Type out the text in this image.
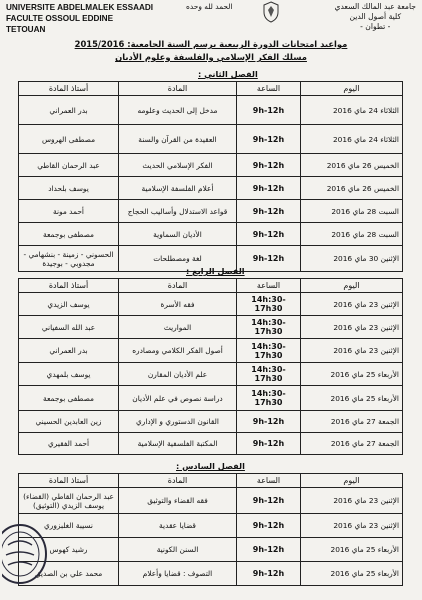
UNIVERSITE ABDELMALEK ESSAADI
FACULTE OSSOUL EDDINE
TETOUAN
الحمد لله وحده	جامعة عبد المالك السعدي
كلية أصول الدين
- تطوان -
مواعيد امتحانات الدورة الربيعية برسم السنة الجامعية: 2015/2016
مسلك الفكر الإسلامي والفلسفة وعلوم الأديان
الفصل الثاني :
اليوم	الساعة	المادة	أستاذ المادة
الثلاثاء 24 ماي 2016	9h-12h	مدخل إلى الحديث وعلومه	بدر العمراني
الثلاثاء 24 ماي 2016	9h-12h	العقيدة من القرآن والسنة	مصطفى الهروس
الخميس 26 ماي 2016	9h-12h	الفكر الإسلامي الحديث	عبد الرحمان القاطي
الخميس 26 ماي 2016	9h-12h	أعلام الفلسفة الإسلامية	يوسف بلحداد
السبت 28 ماي 2016	9h-12h	قواعد الاستدلال وأساليب الحجاج	أحمد مونة
السبت 28 ماي 2016	9h-12h	الأديان السماوية	مصطفى بوجمعة
الإثنين 30 ماي 2016	9h-12h	لغة ومصطلحات	الحسوني - زمينة - بنشهامي - مجدوبي - بوجيدة
الفصل الرابع :
اليوم	الساعة	المادة	أستاذ المادة
الإثنين 23 ماي 2016	14h:30-17h30	فقه الأسرة	يوسف الزيدي
الإثنين 23 ماي 2016	14h:30-17h30	المواريث	عبد الله السفياني
الإثنين 23 ماي 2016	14h:30-17h30	أصول الفكر الكلامي ومصادره	بدر العمراني
الأربعاء 25 ماي 2016	14h:30-17h30	علم الأديان المقارن	يوسف بلمهدي
الأربعاء 25 ماي 2016	14h:30-17h30	دراسة نصوص في علم الأديان	مصطفى بوجمعة
الجمعة 27 ماي 2016	9h-12h	القانون الدستوري و الإداري	زين العابدين الحسيني
الجمعة 27 ماي 2016	9h-12h	المكتبة الفلسفية الإسلامية	أحمد الفقيري
الفصل السادس :
اليوم	الساعة	المادة	أستاذ المادة
الإثنين 23 ماي 2016	9h-12h	فقه القضاء والتوثيق	عبد الرحمان القاطي (القضاء) يوسف الزيدي (التوثيق)
الإثنين 23 ماي 2016	9h-12h	قضايا عقدية	نسيبة الغلبزوري
الأربعاء 25 ماي 2016	9h-12h	السنن الكونية	رشيد كهوس
الأربعاء 25 ماي 2016	9h-12h	التصوف : قضايا وأعلام	محمد علي بن الصديق
